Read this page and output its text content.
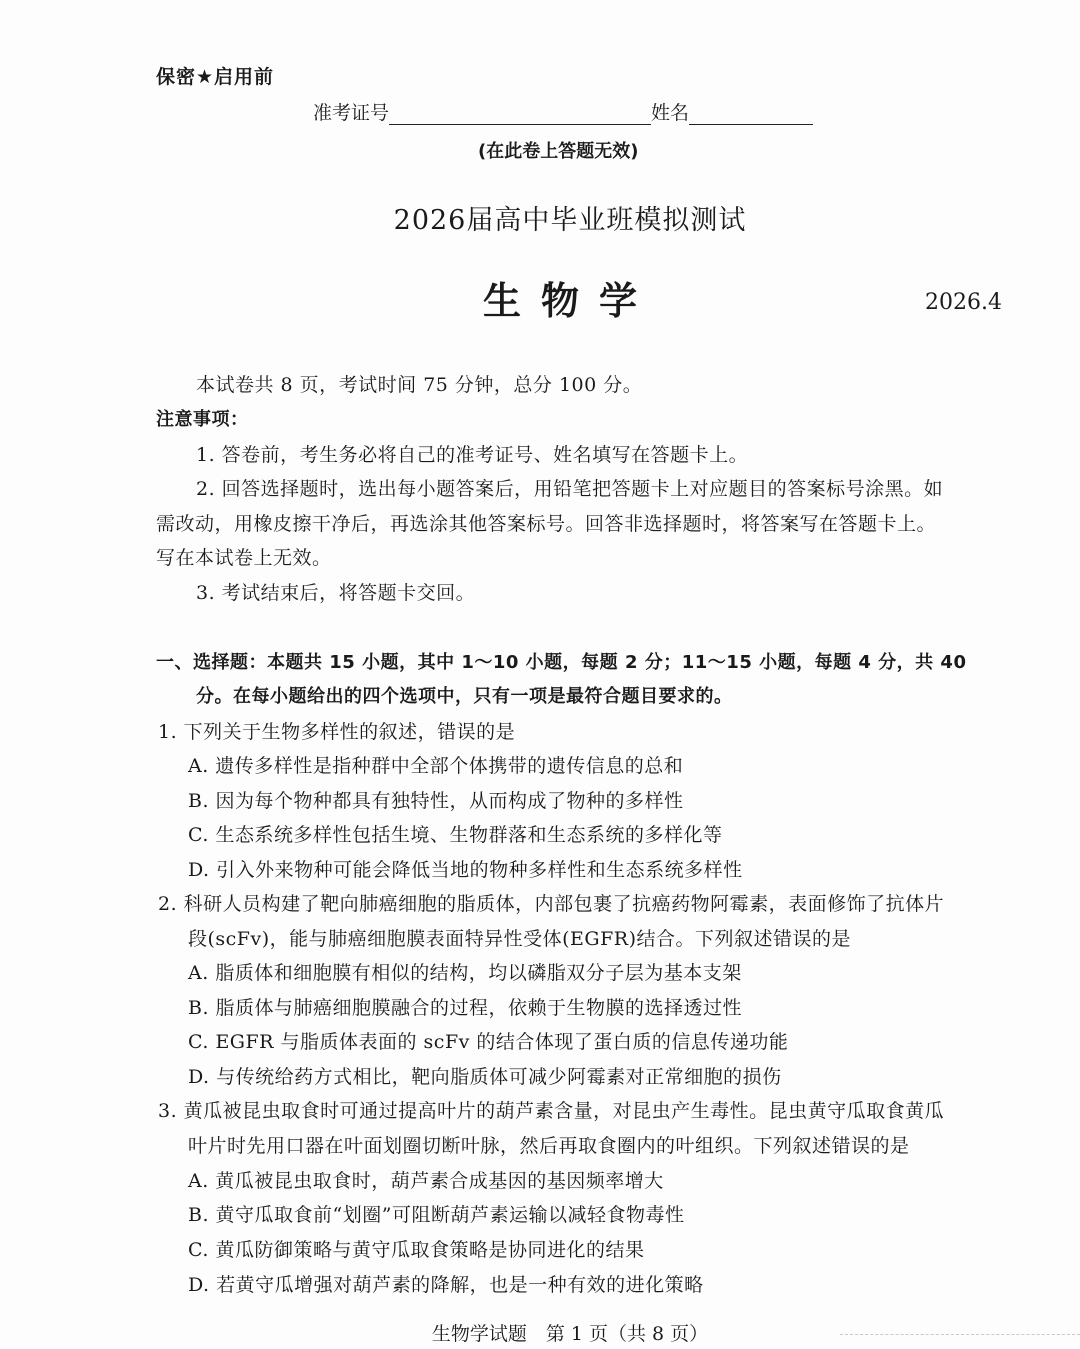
保密★启用前
准考证号	姓名
(在此卷上答题无效)
2026届高中毕业班模拟测试
生物学	2026.4
本试卷共 8 页，考试时间 75 分钟，总分 100 分。
注意事项：
1. 答卷前，考生务必将自己的准考证号、姓名填写在答题卡上。
2. 回答选择题时，选出每小题答案后，用铅笔把答题卡上对应题目的答案标号涂黑。如
需改动，用橡皮擦干净后，再选涂其他答案标号。回答非选择题时，将答案写在答题卡上。
写在本试卷上无效。
3. 考试结束后，将答题卡交回。
一、选择题：本题共 15 小题，其中 1～10 小题，每题 2 分；11～15 小题，每题 4 分，共 40
分。在每小题给出的四个选项中，只有一项是最符合题目要求的。
1. 下列关于生物多样性的叙述，错误的是
A. 遗传多样性是指种群中全部个体携带的遗传信息的总和
B. 因为每个物种都具有独特性，从而构成了物种的多样性
C. 生态系统多样性包括生境、生物群落和生态系统的多样化等
D. 引入外来物种可能会降低当地的物种多样性和生态系统多样性
2. 科研人员构建了靶向肺癌细胞的脂质体，内部包裹了抗癌药物阿霉素，表面修饰了抗体片
段(scFv)，能与肺癌细胞膜表面特异性受体(EGFR)结合。下列叙述错误的是
A. 脂质体和细胞膜有相似的结构，均以磷脂双分子层为基本支架
B. 脂质体与肺癌细胞膜融合的过程，依赖于生物膜的选择透过性
C. EGFR 与脂质体表面的 scFv 的结合体现了蛋白质的信息传递功能
D. 与传统给药方式相比，靶向脂质体可减少阿霉素对正常细胞的损伤
3. 黄瓜被昆虫取食时可通过提高叶片的葫芦素含量，对昆虫产生毒性。昆虫黄守瓜取食黄瓜
叶片时先用口器在叶面划圈切断叶脉，然后再取食圈内的叶组织。下列叙述错误的是
A. 黄瓜被昆虫取食时，葫芦素合成基因的基因频率增大
B. 黄守瓜取食前“划圈”可阻断葫芦素运输以减轻食物毒性
C. 黄瓜防御策略与黄守瓜取食策略是协同进化的结果
D. 若黄守瓜增强对葫芦素的降解，也是一种有效的进化策略
生物学试题　第 1 页（共 8 页）
